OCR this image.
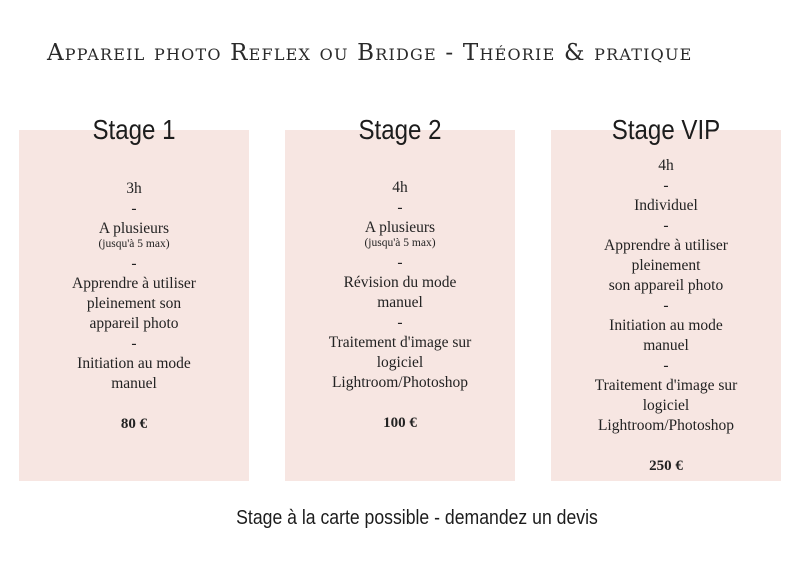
Appareil photo Reflex ou Bridge - Théorie & pratique
Stage 1
3h
-
A plusieurs
(jusqu'à 5 max)
-
Apprendre à utiliser
pleinement son
appareil photo
-
Initiation au mode
manuel
80 €
Stage 2
4h
-
A plusieurs
(jusqu'à 5 max)
-
Révision du mode
manuel
-
Traitement d'image sur
logiciel
Lightroom/Photoshop
100 €
Stage VIP
4h
-
Individuel
-
Apprendre à utiliser
pleinement
son appareil photo
-
Initiation au mode
manuel
-
Traitement d'image sur
logiciel
Lightroom/Photoshop
250 €
Stage à la carte possible - demandez un devis
